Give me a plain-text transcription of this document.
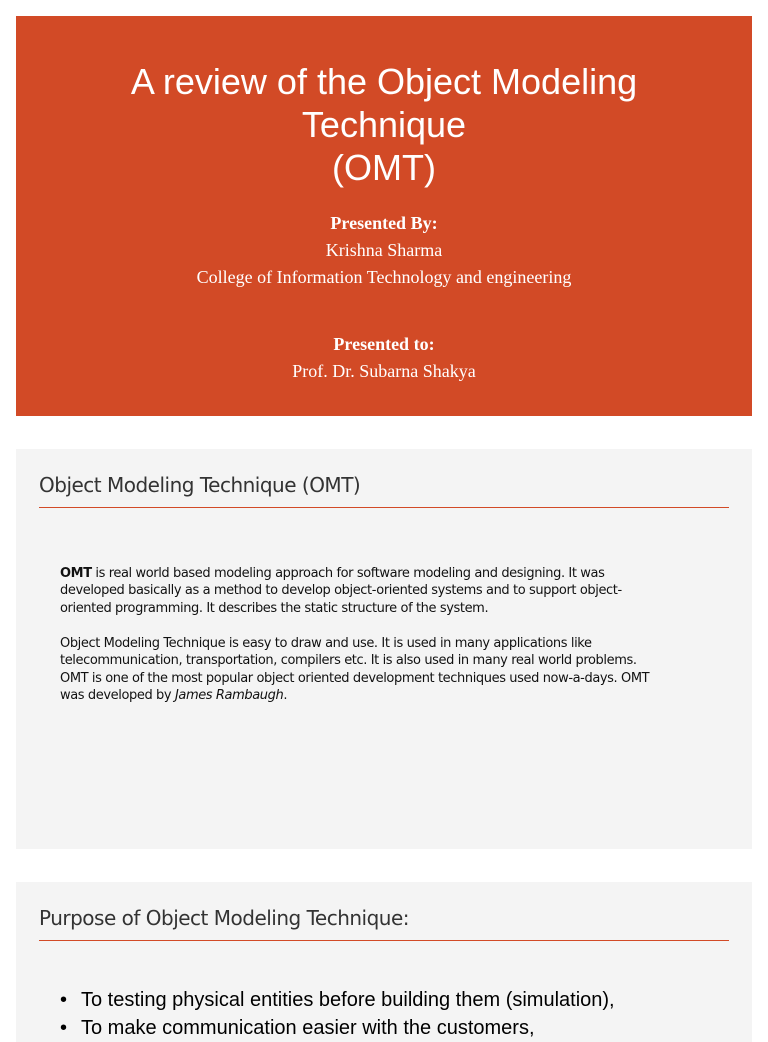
A review of the Object Modeling
Technique
(OMT)
Presented By:
Krishna Sharma
College of Information Technology and engineering
Presented to:
Prof. Dr. Subarna Shakya
Object Modeling Technique (OMT)
OMT is real world based modeling approach for software modeling and designing. It was developed basically as a method to develop object-oriented systems and to support object-oriented programming. It describes the static structure of the system.
Object Modeling Technique is easy to draw and use. It is used in many applications like telecommunication, transportation, compilers etc. It is also used in many real world problems. OMT is one of the most popular object oriented development techniques used now-a-days. OMT was developed by James Rambaugh.
Purpose of Object Modeling Technique:
• To testing physical entities before building them (simulation),
• To make communication easier with the customers,
